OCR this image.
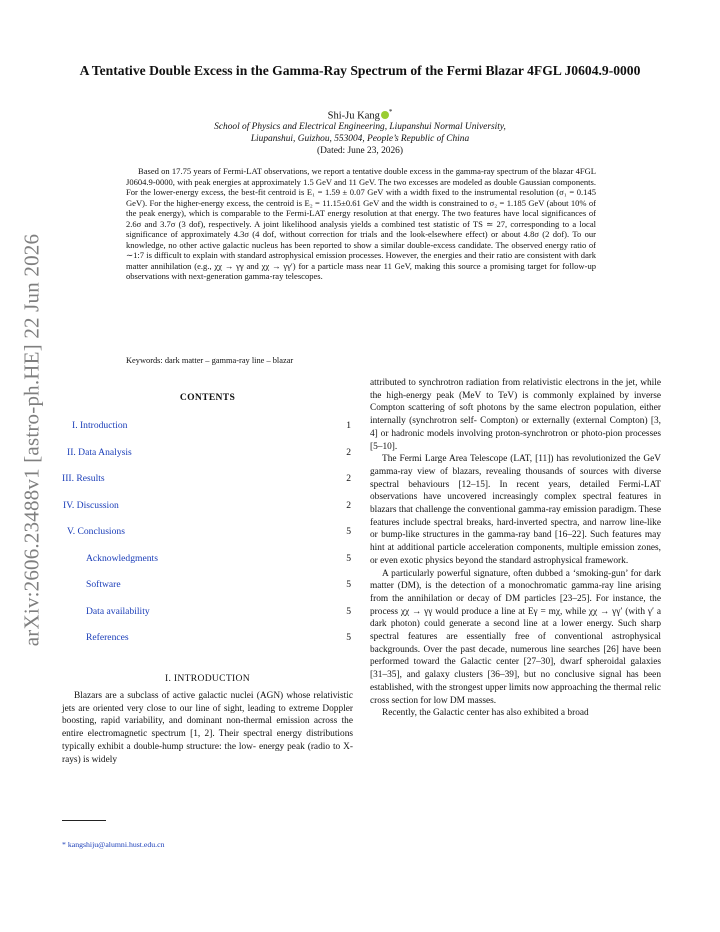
arXiv:2606.23488v1 [astro-ph.HE] 22 Jun 2026
A Tentative Double Excess in the Gamma-Ray Spectrum of the Fermi Blazar 4FGL J0604.9-0000
Shi-Ju Kang *
School of Physics and Electrical Engineering, Liupanshui Normal University,
Liupanshui, Guizhou, 553004, People’s Republic of China
(Dated: June 23, 2026)

Based on 17.75 years of Fermi-LAT observations, we report a tentative double excess in the gamma-ray spectrum of the blazar 4FGL J0604.9-0000, with peak energies at approximately 1.5 GeV and 11 GeV. The two excesses are modeled as double Gaussian components. For the lower-energy excess, the best-fit centroid is E₁ = 1.59 ± 0.07 GeV with a width fixed to the instrumental resolution (σ₁ = 0.145 GeV). For the higher-energy excess, the centroid is E₂ = 11.15±0.61 GeV and the width is constrained to σ₂ = 1.185 GeV (about 10% of the peak energy), which is comparable to the Fermi-LAT energy resolution at that energy. The two features have local significances of 2.6σ and 3.7σ (3 dof), respectively. A joint likelihood analysis yields a combined test statistic of TS ≃ 27, corresponding to a local significance of approximately 4.3σ (4 dof, without correction for trials and the look-elsewhere effect) or about 4.8σ (2 dof). To our knowledge, no other active galactic nucleus has been reported to show a similar double-excess candidate. The observed energy ratio of ∼1:7 is difficult to explain with standard astrophysical emission processes. However, the energies and their ratio are consistent with dark matter annihilation (e.g., χχ → γγ and χχ → γγ′) for a particle mass near 11 GeV, making this source a promising target for follow-up observations with next-generation gamma-ray telescopes.

Keywords: dark matter – gamma-ray line – blazar
CONTENTS
I. Introduction	1
II. Data Analysis	2
III. Results	2
IV. Discussion	2
V. Conclusions	5
Acknowledgments	5
Software	5
Data availability	5
References	5
I. INTRODUCTION

Blazars are a subclass of active galactic nuclei (AGN) whose relativistic jets are oriented very close to our line of sight, leading to extreme Doppler boosting, rapid variability, and dominant non-thermal emission across the entire electromagnetic spectrum [1, 2]. Their spectral energy distributions typically exhibit a double-hump structure: the low- energy peak (radio to X-rays) is widely

attributed to synchrotron radiation from relativistic electrons in the jet, while the high-energy peak (MeV to TeV) is commonly explained by inverse Compton scattering of soft photons by the same electron population, either internally (synchrotron self- Compton) or externally (external Compton) [3, 4] or hadronic models involving proton-synchrotron or photo-pion processes [5–10].

The Fermi Large Area Telescope (LAT, [11]) has revolutionized the GeV gamma-ray view of blazars, revealing thousands of sources with diverse spectral behaviours [12–15]. In recent years, detailed Fermi-LAT observations have uncovered increasingly complex spectral features in blazars that challenge the conventional gamma-ray emission paradigm. These features include spectral breaks, hard-inverted spectra, and narrow line-like or bump-like structures in the gamma-ray band [16–22]. Such features may hint at additional particle acceleration components, multiple emission zones, or even exotic physics beyond the standard astrophysical framework.

A particularly powerful signature, often dubbed a ‘smoking-gun’ for dark matter (DM), is the detection of a monochromatic gamma-ray line arising from the annihilation or decay of DM particles [23–25]. For instance, the process χχ → γγ would produce a line at Eγ = mχ, while χχ → γγ′ (with γ′ a dark photon) could generate a second line at a lower energy. Such sharp spectral features are essentially free of conventional astrophysical backgrounds. Over the past decade, numerous line searches [26] have been performed toward the Galactic center [27–30], dwarf spheroidal galaxies [31–35], and galaxy clusters [36–39], but no conclusive signal has been established, with the strongest upper limits now approaching the thermal relic cross section for low DM masses.

Recently, the Galactic center has also exhibited a broad

* kangshiju@alumni.hust.edu.cn
